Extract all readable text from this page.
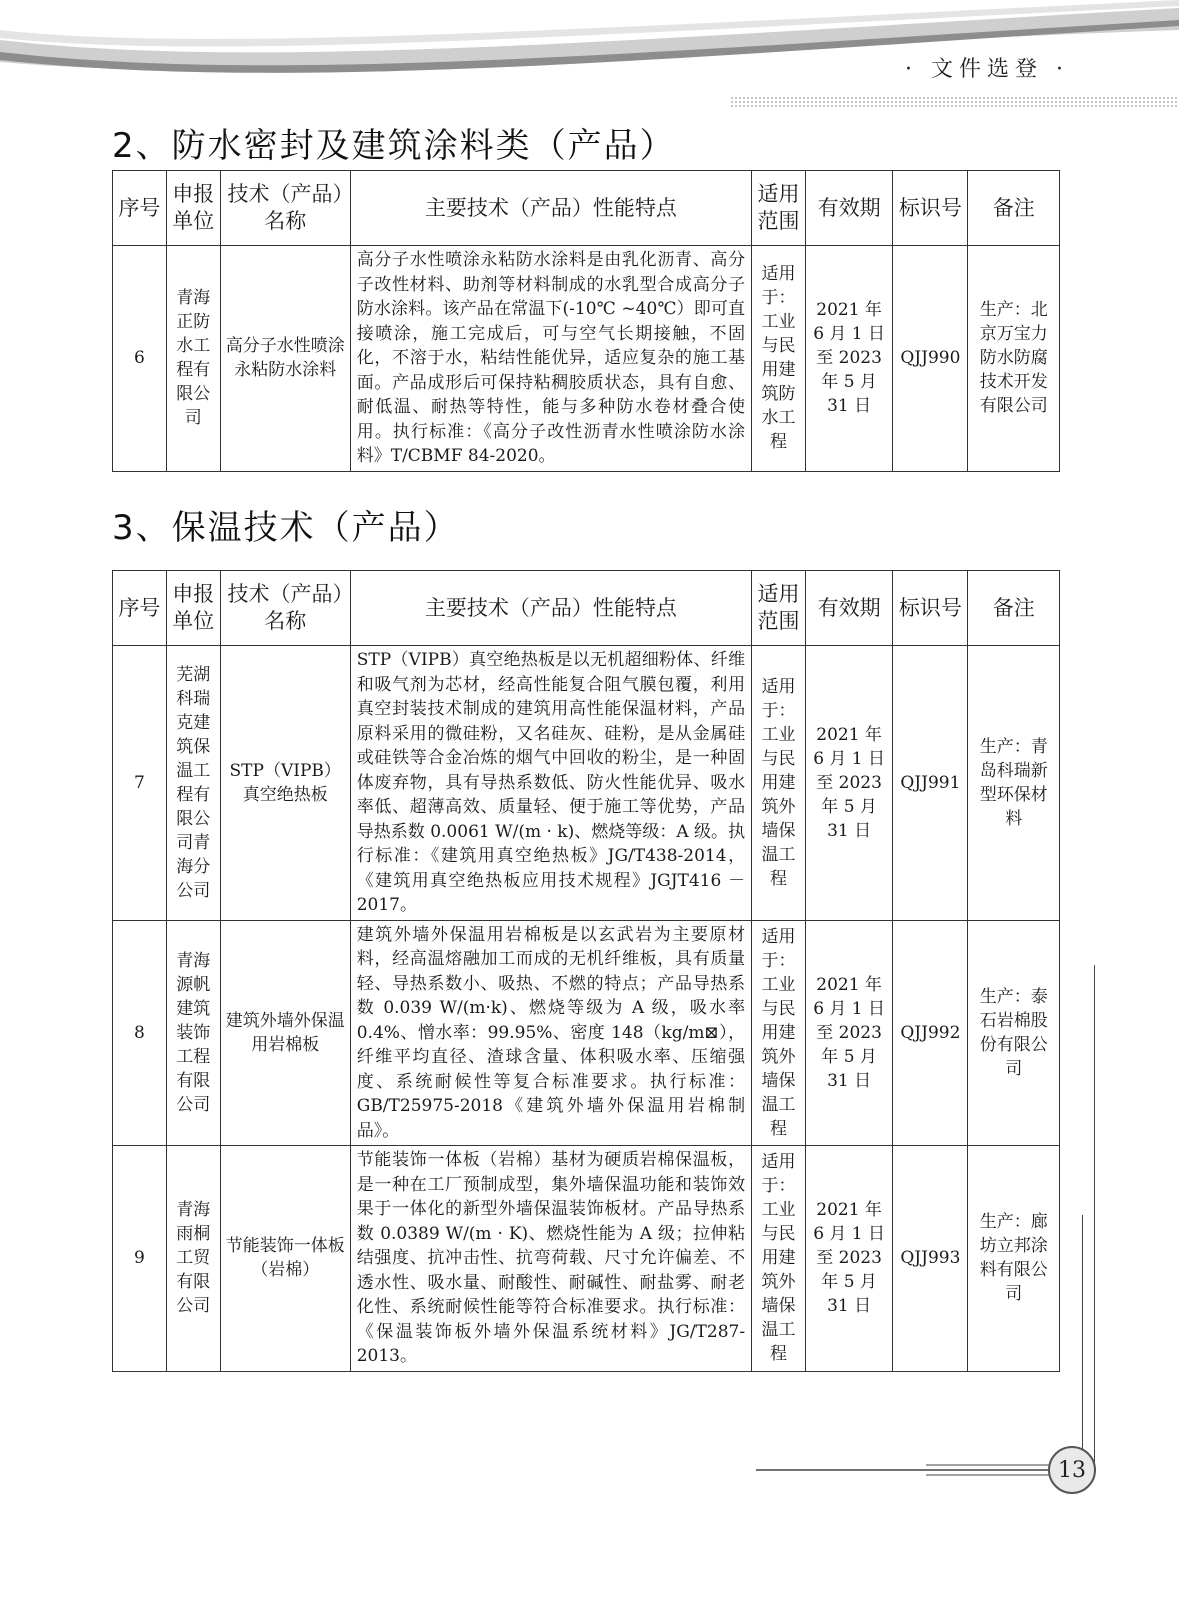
· 文件选登 ·
2、防水密封及建筑涂料类（产品）
序号	申报单位	技术（产品）名称	主要技术（产品）性能特点	适用范围	有效期	标识号	备注
6	青海正防水工程有限公司	高分子水性喷涂永粘防水涂料	高分子水性喷涂永粘防水涂料是由乳化沥青、高分子改性材料、助剂等材料制成的水乳型合成高分子防水涂料。该产品在常温下(-10℃ ~40℃）即可直接喷涂，施工完成后，可与空气长期接触，不固化，不溶于水，粘结性能优异，适应复杂的施工基面。产品成形后可保持粘稠胶质状态，具有自愈、耐低温、耐热等特性，能与多种防水卷材叠合使用。执行标准：《高分子改性沥青水性喷涂防水涂料》T/CBMF 84-2020。	适用于：工业与民用建筑防水工程	2021 年 6 月 1 日至 2023 年 5 月 31 日	QJJ990	生产：北京万宝力防水防腐技术开发有限公司
3、保温技术（产品）
序号	申报单位	技术（产品）名称	主要技术（产品）性能特点	适用范围	有效期	标识号	备注
7	芜湖科瑞克建筑保温工程有限公司青海分公司	STP（VIPB）真空绝热板	STP（VIPB）真空绝热板是以无机超细粉体、纤维和吸气剂为芯材，经高性能复合阻气膜包覆，利用真空封装技术制成的建筑用高性能保温材料，产品原料采用的微硅粉，又名硅灰、硅粉，是从金属硅或硅铁等合金冶炼的烟气中回收的粉尘，是一种固体废弃物，具有导热系数低、防火性能优异、吸水率低、超薄高效、质量轻、便于施工等优势，产品导热系数 0.0061 W/(m · k)、燃烧等级：A 级。执行标准：《建筑用真空绝热板》JG/T438-2014，《建筑用真空绝热板应用技术规程》JGJT416 － 2017。	适用于：工业与民用建筑外墙保温工程	2021 年 6 月 1 日至 2023 年 5 月 31 日	QJJ991	生产：青岛科瑞新型环保材料
8	青海源帆建筑装饰工程有限公司	建筑外墙外保温用岩棉板	建筑外墙外保温用岩棉板是以玄武岩为主要原材料，经高温熔融加工而成的无机纤维板，具有质量轻、导热系数小、吸热、不燃的特点；产品导热系数 0.039 W/(m·k)、燃烧等级为 A 级，吸水率 0.4%、憎水率：99.95%、密度 148（kg/m⊠），纤维平均直径、渣球含量、体积吸水率、压缩强度、系统耐候性等复合标准要求。执行标准：GB/T25975-2018《建筑外墙外保温用岩棉制品》。	适用于：工业与民用建筑外墙保温工程	2021 年 6 月 1 日至 2023 年 5 月 31 日	QJJ992	生产：泰石岩棉股份有限公司
9	青海雨桐工贸有限公司	节能装饰一体板（岩棉）	节能装饰一体板（岩棉）基材为硬质岩棉保温板，是一种在工厂预制成型，集外墙保温功能和装饰效果于一体化的新型外墙保温装饰板材。产品导热系数 0.0389 W/(m · K)、燃烧性能为 A 级；拉伸粘结强度、抗冲击性、抗弯荷载、尺寸允许偏差、不透水性、吸水量、耐酸性、耐碱性、耐盐雾、耐老化性、系统耐候性能等符合标准要求。执行标准：《保温装饰板外墙外保温系统材料》JG/T287-2013。	适用于：工业与民用建筑外墙保温工程	2021 年 6 月 1 日至 2023 年 5 月 31 日	QJJ993	生产：廊坊立邦涂料有限公司
13
